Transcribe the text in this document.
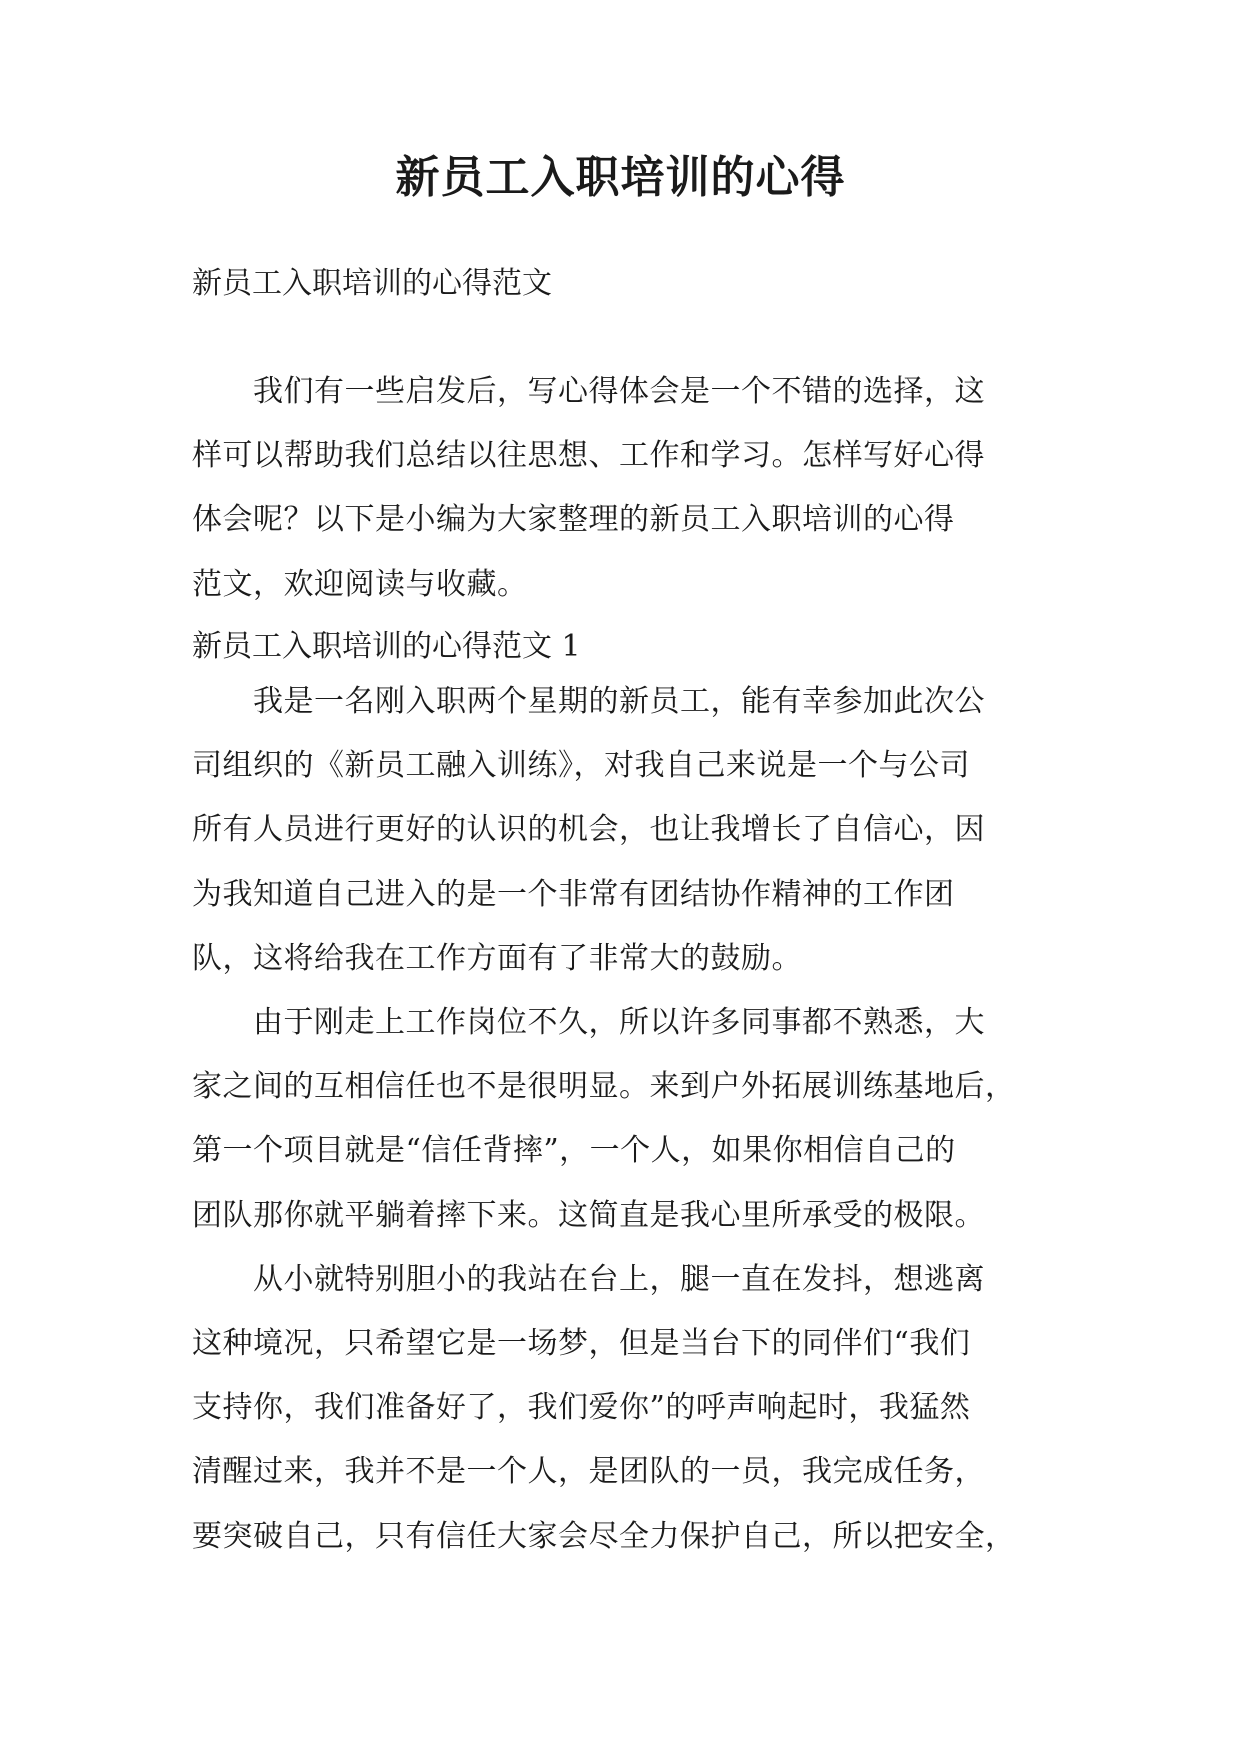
新员工入职培训的心得
新员工入职培训的心得范文
　　我们有一些启发后，写心得体会是一个不错的选择，这
样可以帮助我们总结以往思想、工作和学习。怎样写好心得
体会呢？以下是小编为大家整理的新员工入职培训的心得
范文，欢迎阅读与收藏。
新员工入职培训的心得范文 1
　　我是一名刚入职两个星期的新员工，能有幸参加此次公
司组织的《新员工融入训练》，对我自己来说是一个与公司
所有人员进行更好的认识的机会，也让我增长了自信心，因
为我知道自己进入的是一个非常有团结协作精神的工作团
队，这将给我在工作方面有了非常大的鼓励。
　　由于刚走上工作岗位不久，所以许多同事都不熟悉，大
家之间的互相信任也不是很明显。来到户外拓展训练基地后，
第一个项目就是“信任背摔”，一个人，如果你相信自己的
团队那你就平躺着摔下来。这简直是我心里所承受的极限。
　　从小就特别胆小的我站在台上，腿一直在发抖，想逃离
这种境况，只希望它是一场梦，但是当台下的同伴们“我们
支持你，我们准备好了，我们爱你”的呼声响起时，我猛然
清醒过来，我并不是一个人，是团队的一员，我完成任务，
要突破自己，只有信任大家会尽全力保护自己，所以把安全，
